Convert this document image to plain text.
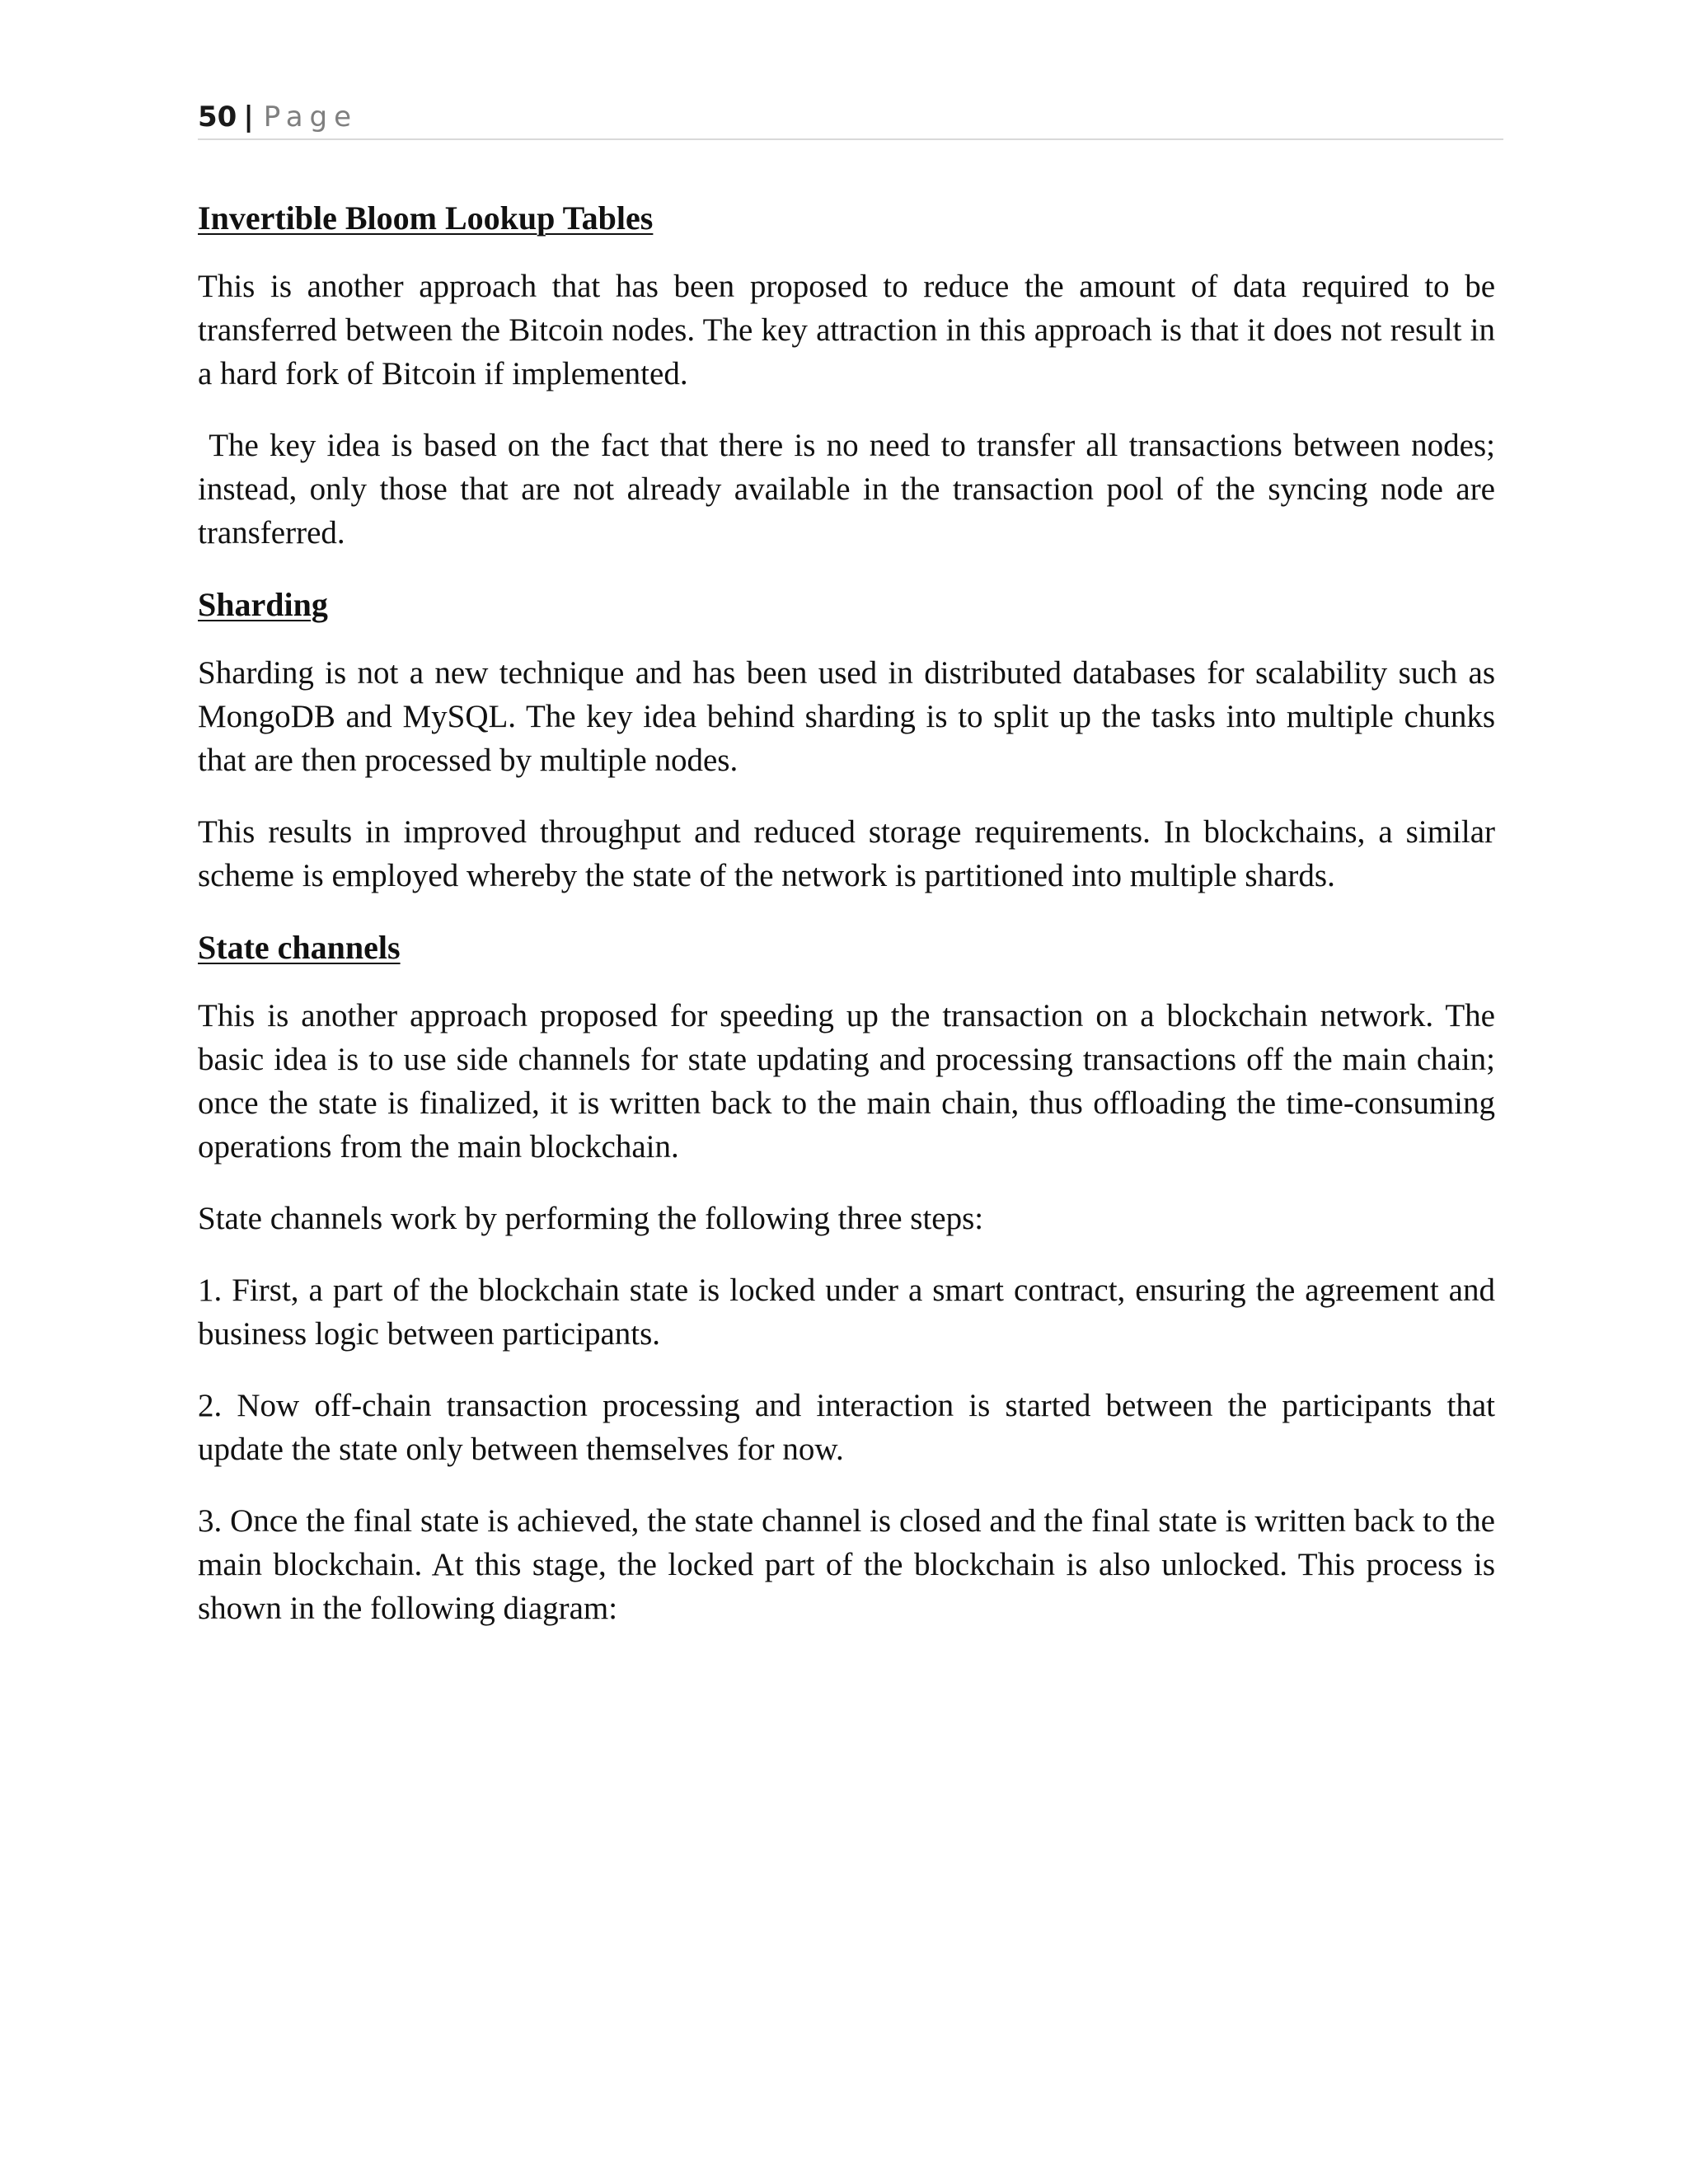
50 | Page
Invertible Bloom Lookup Tables

This is another approach that has been proposed to reduce the amount of data required to be transferred between the Bitcoin nodes. The key attraction in this approach is that it does not result in a hard fork of Bitcoin if implemented.

The key idea is based on the fact that there is no need to transfer all transactions between nodes; instead, only those that are not already available in the transaction pool of the syncing node are transferred.

Sharding

Sharding is not a new technique and has been used in distributed databases for scalability such as MongoDB and MySQL. The key idea behind sharding is to split up the tasks into multiple chunks that are then processed by multiple nodes.

This results in improved throughput and reduced storage requirements. In blockchains, a similar scheme is employed whereby the state of the network is partitioned into multiple shards.

State channels

This is another approach proposed for speeding up the transaction on a blockchain network. The basic idea is to use side channels for state updating and processing transactions off the main chain; once the state is finalized, it is written back to the main chain, thus offloading the time-consuming operations from the main blockchain.

State channels work by performing the following three steps:

1. First, a part of the blockchain state is locked under a smart contract, ensuring the agreement and business logic between participants.

2. Now off-chain transaction processing and interaction is started between the participants that update the state only between themselves for now.

3. Once the final state is achieved, the state channel is closed and the final state is written back to the main blockchain. At this stage, the locked part of the blockchain is also unlocked. This process is shown in the following diagram:
